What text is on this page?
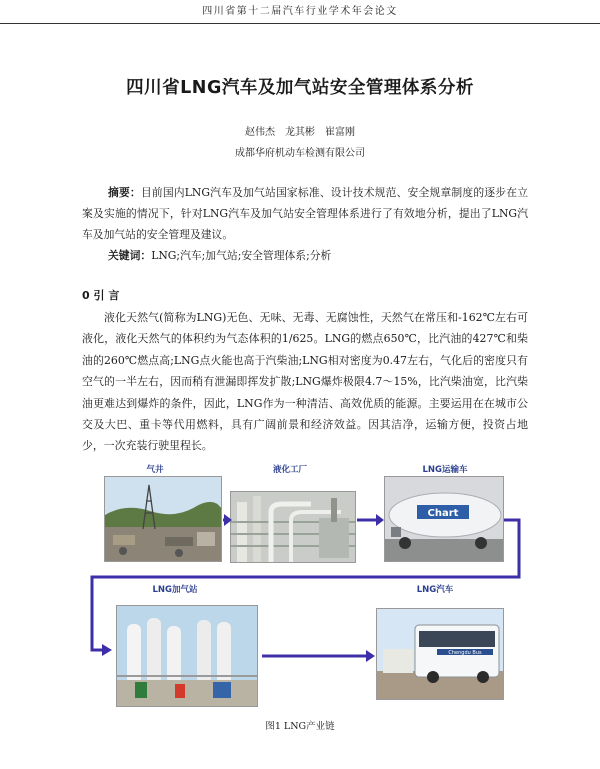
四川省第十二届汽车行业学术年会论文
四川省LNG汽车及加气站安全管理体系分析
赵伟杰　龙其彬　崔富刚
成都华府机动车检测有限公司
摘要：目前国内LNG汽车及加气站国家标准、设计技术规范、安全规章制度的逐步在立案及实施的情况下，针对LNG汽车及加气站安全管理体系进行了有效地分析，提出了LNG汽车及加气站的安全管理及建议。
关键词：LNG;汽车;加气站;安全管理体系;分析
0 引 言
液化天然气(简称为LNG)无色、无味、无毒、无腐蚀性，天然气在常压和-162℃左右可液化，液化天然气的体积约为气态体积的1/625。LNG的燃点650℃，比汽油的427℃和柴油的260℃燃点高;LNG点火能也高于汽柴油;LNG相对密度为0.47左右，气化后的密度只有空气的一半左右，因而稍有泄漏即挥发扩散;LNG爆炸极限4.7～15%，比汽柴油宽，比汽柴油更难达到爆炸的条件，因此，LNG作为一种清洁、高效优质的能源。主要运用在在城市公交及大巴、重卡等代用燃料，具有广阔前景和经济效益。因其洁净，运输方便，投资占地少，一次充装行驶里程长。
气井	液化工厂	LNG运输车
LNG加气站	LNG汽车
Chart
Chengdu Bus
图1 LNG产业链
